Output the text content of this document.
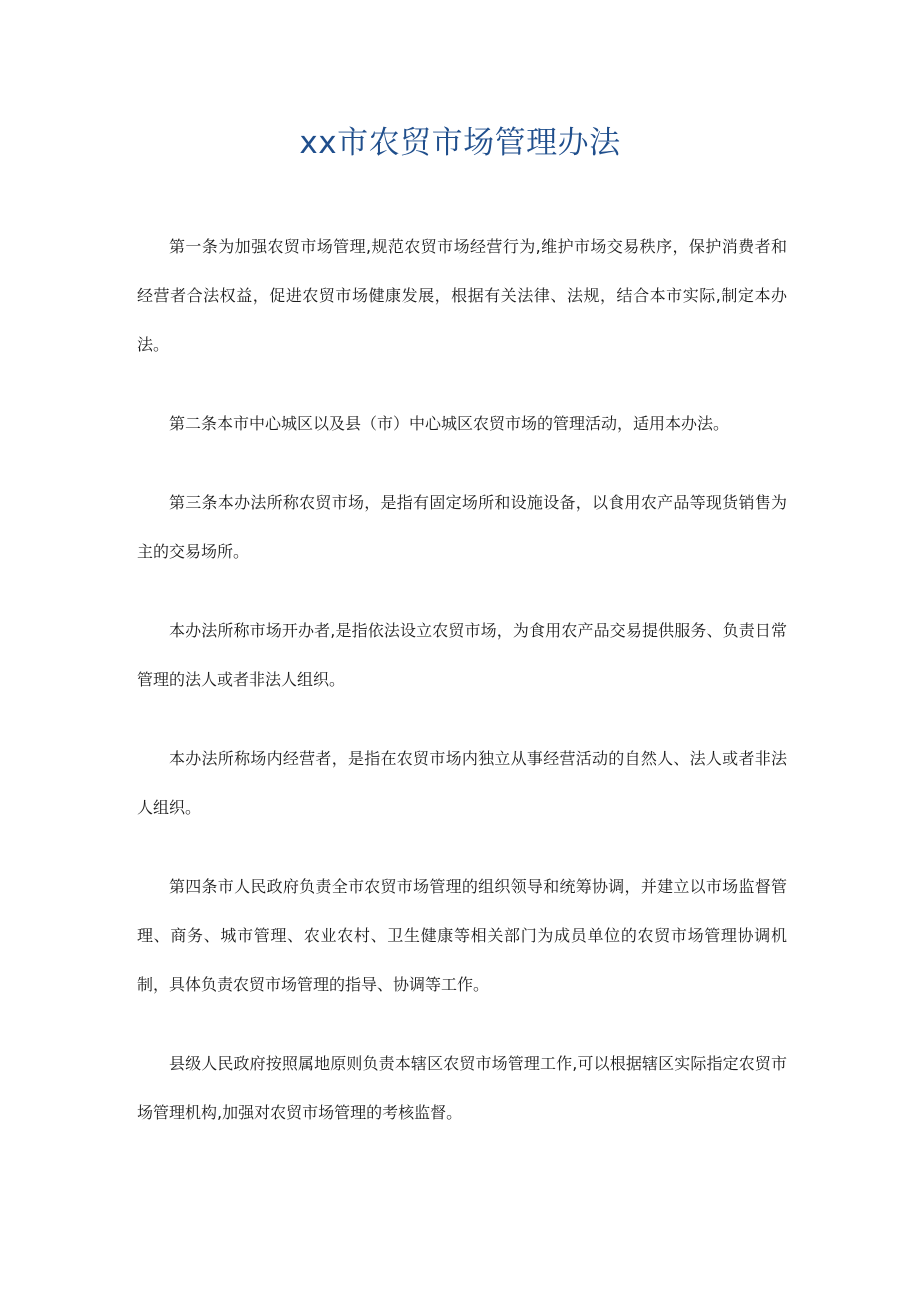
xx市农贸市场管理办法

第一条为加强农贸市场管理,规范农贸市场经营行为,维护市场交易秩序，保护消费者和经营者合法权益，促进农贸市场健康发展，根据有关法律、法规，结合本市实际,制定本办法。

第二条本市中心城区以及县（市）中心城区农贸市场的管理活动，适用本办法。

第三条本办法所称农贸市场，是指有固定场所和设施设备，以食用农产品等现货销售为主的交易场所。

本办法所称市场开办者,是指依法设立农贸市场，为食用农产品交易提供服务、负责日常管理的法人或者非法人组织。

本办法所称场内经营者，是指在农贸市场内独立从事经营活动的自然人、法人或者非法人组织。

第四条市人民政府负责全市农贸市场管理的组织领导和统筹协调，并建立以市场监督管理、商务、城市管理、农业农村、卫生健康等相关部门为成员单位的农贸市场管理协调机制，具体负责农贸市场管理的指导、协调等工作。

县级人民政府按照属地原则负责本辖区农贸市场管理工作,可以根据辖区实际指定农贸市场管理机构,加强对农贸市场管理的考核监督。
